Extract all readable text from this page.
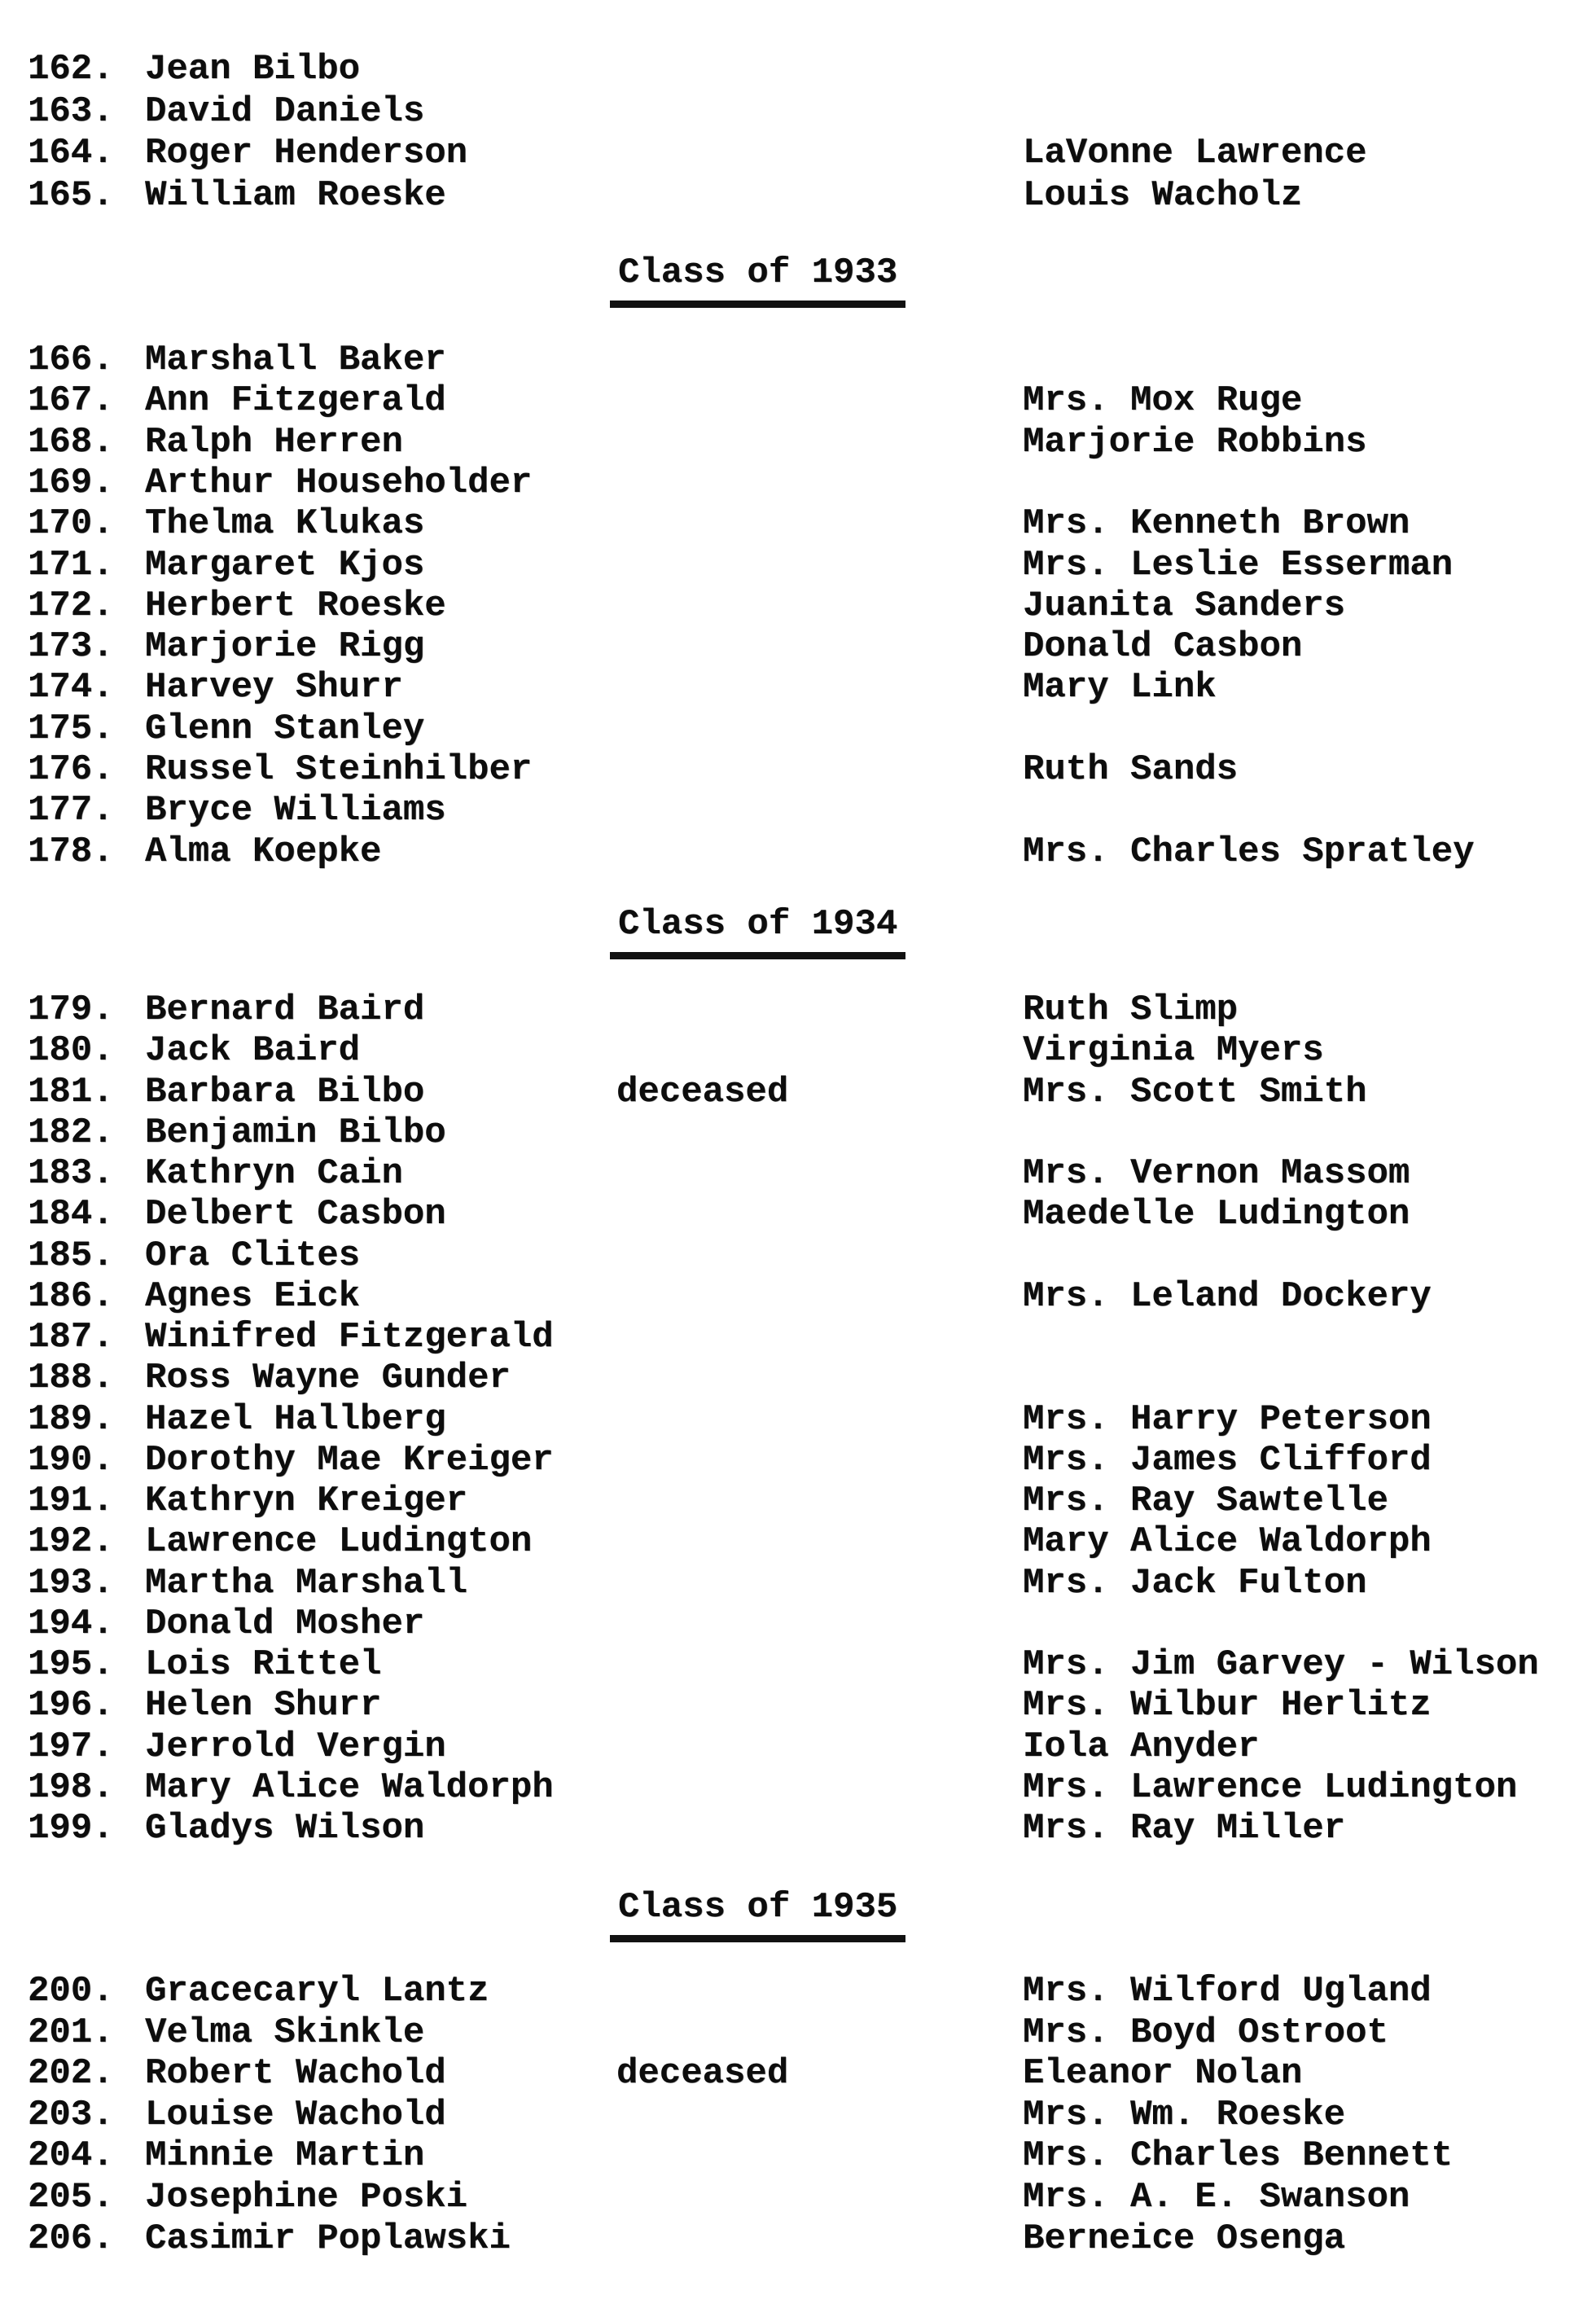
162. Jean Bilbo
163. David Daniels
164. Roger Henderson	LaVonne Lawrence
165. William Roeske	Louis Wacholz
Class of 1933
166. Marshall Baker
167. Ann Fitzgerald	Mrs. Mox Ruge
168. Ralph Herren	Marjorie Robbins
169. Arthur Householder
170. Thelma Klukas	Mrs. Kenneth Brown
171. Margaret Kjos	Mrs. Leslie Esserman
172. Herbert Roeske	Juanita Sanders
173. Marjorie Rigg	Donald Casbon
174. Harvey Shurr	Mary Link
175. Glenn Stanley
176. Russel Steinhilber	Ruth Sands
177. Bryce Williams
178. Alma Koepke	Mrs. Charles Spratley
Class of 1934
179. Bernard Baird	Ruth Slimp
180. Jack Baird	Virginia Myers
181. Barbara Bilbo	deceased	Mrs. Scott Smith
182. Benjamin Bilbo
183. Kathryn Cain	Mrs. Vernon Massom
184. Delbert Casbon	Maedelle Ludington
185. Ora Clites
186. Agnes Eick	Mrs. Leland Dockery
187. Winifred Fitzgerald
188. Ross Wayne Gunder
189. Hazel Hallberg	Mrs. Harry Peterson
190. Dorothy Mae Kreiger	Mrs. James Clifford
191. Kathryn Kreiger	Mrs. Ray Sawtelle
192. Lawrence Ludington	Mary Alice Waldorph
193. Martha Marshall	Mrs. Jack Fulton
194. Donald Mosher
195. Lois Rittel	Mrs. Jim Garvey - Wilson
196. Helen Shurr	Mrs. Wilbur Herlitz
197. Jerrold Vergin	Iola Anyder
198. Mary Alice Waldorph	Mrs. Lawrence Ludington
199. Gladys Wilson	Mrs. Ray Miller
Class of 1935
200. Gracecaryl Lantz	Mrs. Wilford Ugland
201. Velma Skinkle	Mrs. Boyd Ostroot
202. Robert Wachold	deceased	Eleanor Nolan
203. Louise Wachold	Mrs. Wm. Roeske
204. Minnie Martin	Mrs. Charles Bennett
205. Josephine Poski	Mrs. A. E. Swanson
206. Casimir Poplawski	Berneice Osenga
